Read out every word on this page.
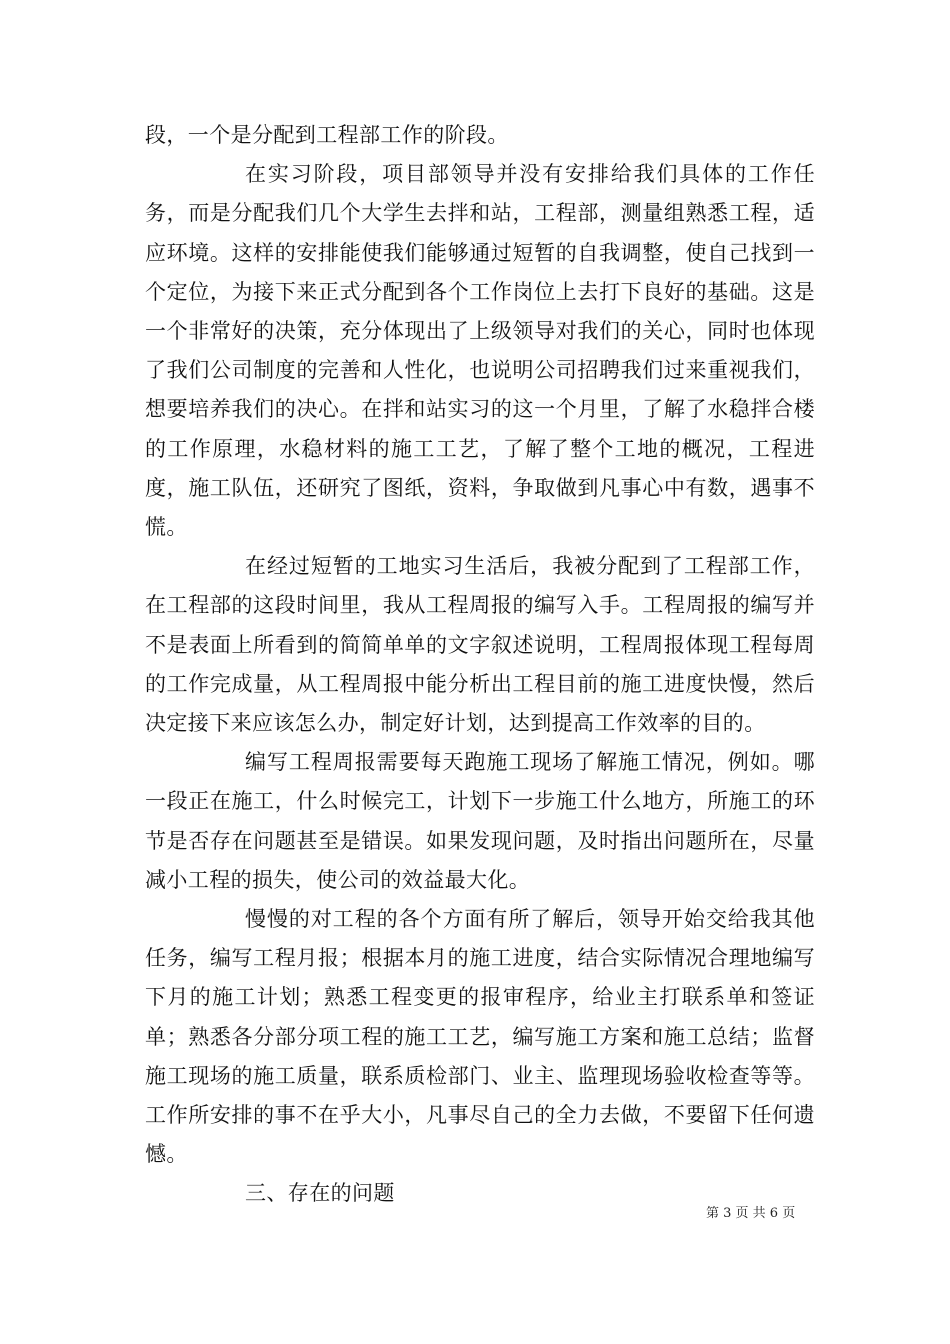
段，一个是分配到工程部工作的阶段。

在实习阶段，项目部领导并没有安排给我们具体的工作任务，而是分配我们几个大学生去拌和站，工程部，测量组熟悉工程，适应环境。这样的安排能使我们能够通过短暂的自我调整，使自己找到一个定位，为接下来正式分配到各个工作岗位上去打下良好的基础。这是一个非常好的决策，充分体现出了上级领导对我们的关心，同时也体现了我们公司制度的完善和人性化，也说明公司招聘我们过来重视我们，想要培养我们的决心。在拌和站实习的这一个月里，了解了水稳拌合楼的工作原理，水稳材料的施工工艺，了解了整个工地的概况，工程进度，施工队伍，还研究了图纸，资料，争取做到凡事心中有数，遇事不慌。

在经过短暂的工地实习生活后，我被分配到了工程部工作，在工程部的这段时间里，我从工程周报的编写入手。工程周报的编写并不是表面上所看到的简简单单的文字叙述说明，工程周报体现工程每周的工作完成量，从工程周报中能分析出工程目前的施工进度快慢，然后决定接下来应该怎么办，制定好计划，达到提高工作效率的目的。

编写工程周报需要每天跑施工现场了解施工情况，例如。哪一段正在施工，什么时候完工，计划下一步施工什么地方，所施工的环节是否存在问题甚至是错误。如果发现问题，及时指出问题所在，尽量减小工程的损失，使公司的效益最大化。

慢慢的对工程的各个方面有所了解后，领导开始交给我其他任务，编写工程月报；根据本月的施工进度，结合实际情况合理地编写下月的施工计划；熟悉工程变更的报审程序，给业主打联系单和签证单；熟悉各分部分项工程的施工工艺，编写施工方案和施工总结；监督施工现场的施工质量，联系质检部门、业主、监理现场验收检查等等。工作所安排的事不在乎大小，凡事尽自己的全力去做，不要留下任何遗憾。

三、存在的问题

第 3 页 共 6 页
